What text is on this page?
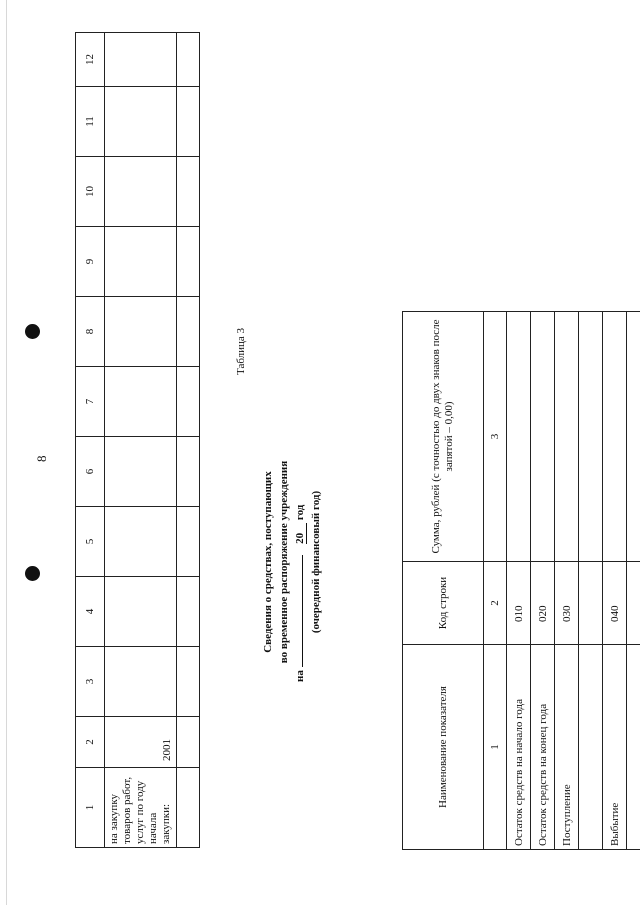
8
1	2	3	4	5	6	7	8	9	10	11	12

на закупку товаров работ, услуг по году начала закупки:	2001										

Таблица 3
Сведения о средствах, поступающих во временное распоряжение учреждения
на   20 год (очередной финансовый год)
Наименование показателя	Код строки	Сумма, рублей (с точностью до двух знаков после запятой – 0,00)
1	2	3
Остаток средств на начало года	010	
Остаток средств на конец года	020	
Поступление	030	

Выбытие	040	
